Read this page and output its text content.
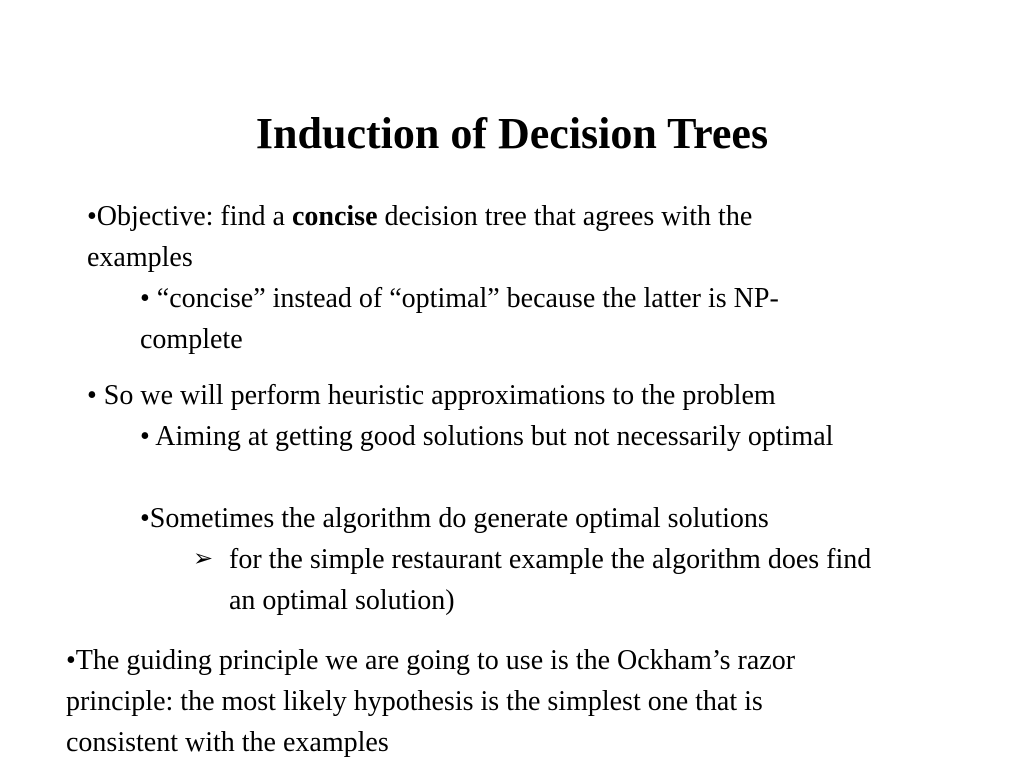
Induction of Decision Trees
•Objective: find a concise decision tree that agrees with the
examples
• “concise” instead of “optimal” because the latter is NP-
complete
• So we will perform heuristic approximations to the problem
• Aiming at getting good solutions but not necessarily optimal
•Sometimes the algorithm do generate optimal solutions
➢ for the simple restaurant example the algorithm does find
an optimal solution)
•The guiding principle we are going to use is the Ockham’s razor
principle: the most likely hypothesis is the simplest one that is
consistent with the examples
